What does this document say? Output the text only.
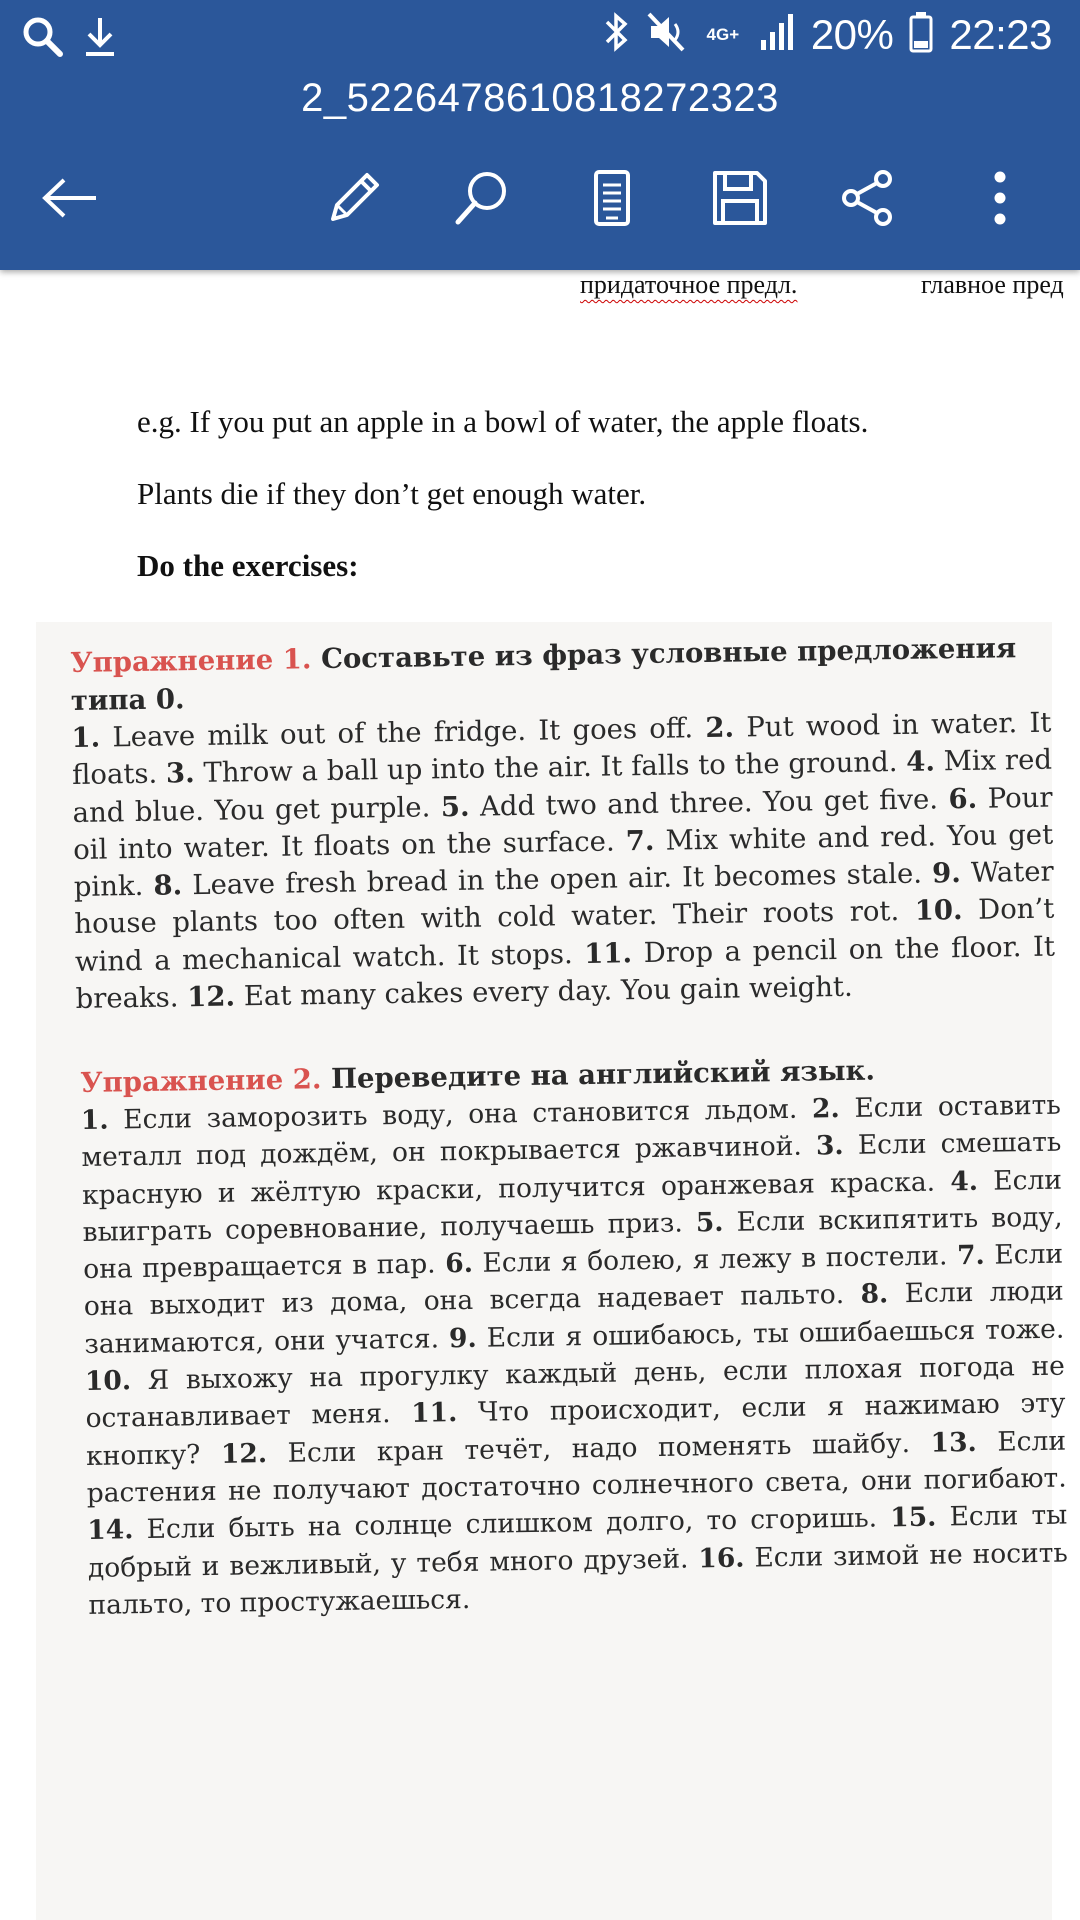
4G+ 20% 22:23
2_5226478610818272323
придаточное предл.	главное пред
e.g. If you put an apple in a bowl of water, the apple floats.
Plants die if they don’t get enough water.
Do the exercises:
Упражнение 1. Составьте из фраз условные предложения типа 0.
1. Leave milk out of the fridge. It goes off. 2. Put wood in water. It floats. 3. Throw a ball up into the air. It falls to the ground. 4. Mix red and blue. You get purple. 5. Add two and three. You get five. 6. Pour oil into water. It floats on the surface. 7. Mix white and red. You get pink. 8. Leave fresh bread in the open air. It becomes stale. 9. Water house plants too often with cold water. Their roots rot. 10. Don’t wind a mechanical watch. It stops. 11. Drop a pencil on the floor. It breaks. 12. Eat many cakes every day. You gain weight.
Упражнение 2. Переведите на английский язык.
1. Если заморозить воду, она становится льдом. 2. Если оставить металл под дождём, он покрывается ржавчиной. 3. Если смешать красную и жёлтую краски, получится оранжевая краска. 4. Если выиграть соревнование, получаешь приз. 5. Если вскипятить воду, она превращается в пар. 6. Если я болею, я лежу в постели. 7. Если она выходит из дома, она всегда надевает пальто. 8. Если люди занимаются, они учатся. 9. Если я ошибаюсь, ты ошибаешься тоже. 10. Я выхожу на прогулку каждый день, если плохая погода не останавливает меня. 11. Что происходит, если я нажимаю эту кнопку? 12. Если кран течёт, надо поменять шайбу. 13. Если растения не получают достаточно солнечного света, они погибают. 14. Если быть на солнце слишком долго, то сгоришь. 15. Если ты добрый и вежливый, у тебя много друзей. 16. Если зимой не носить пальто, то простужаешься.
